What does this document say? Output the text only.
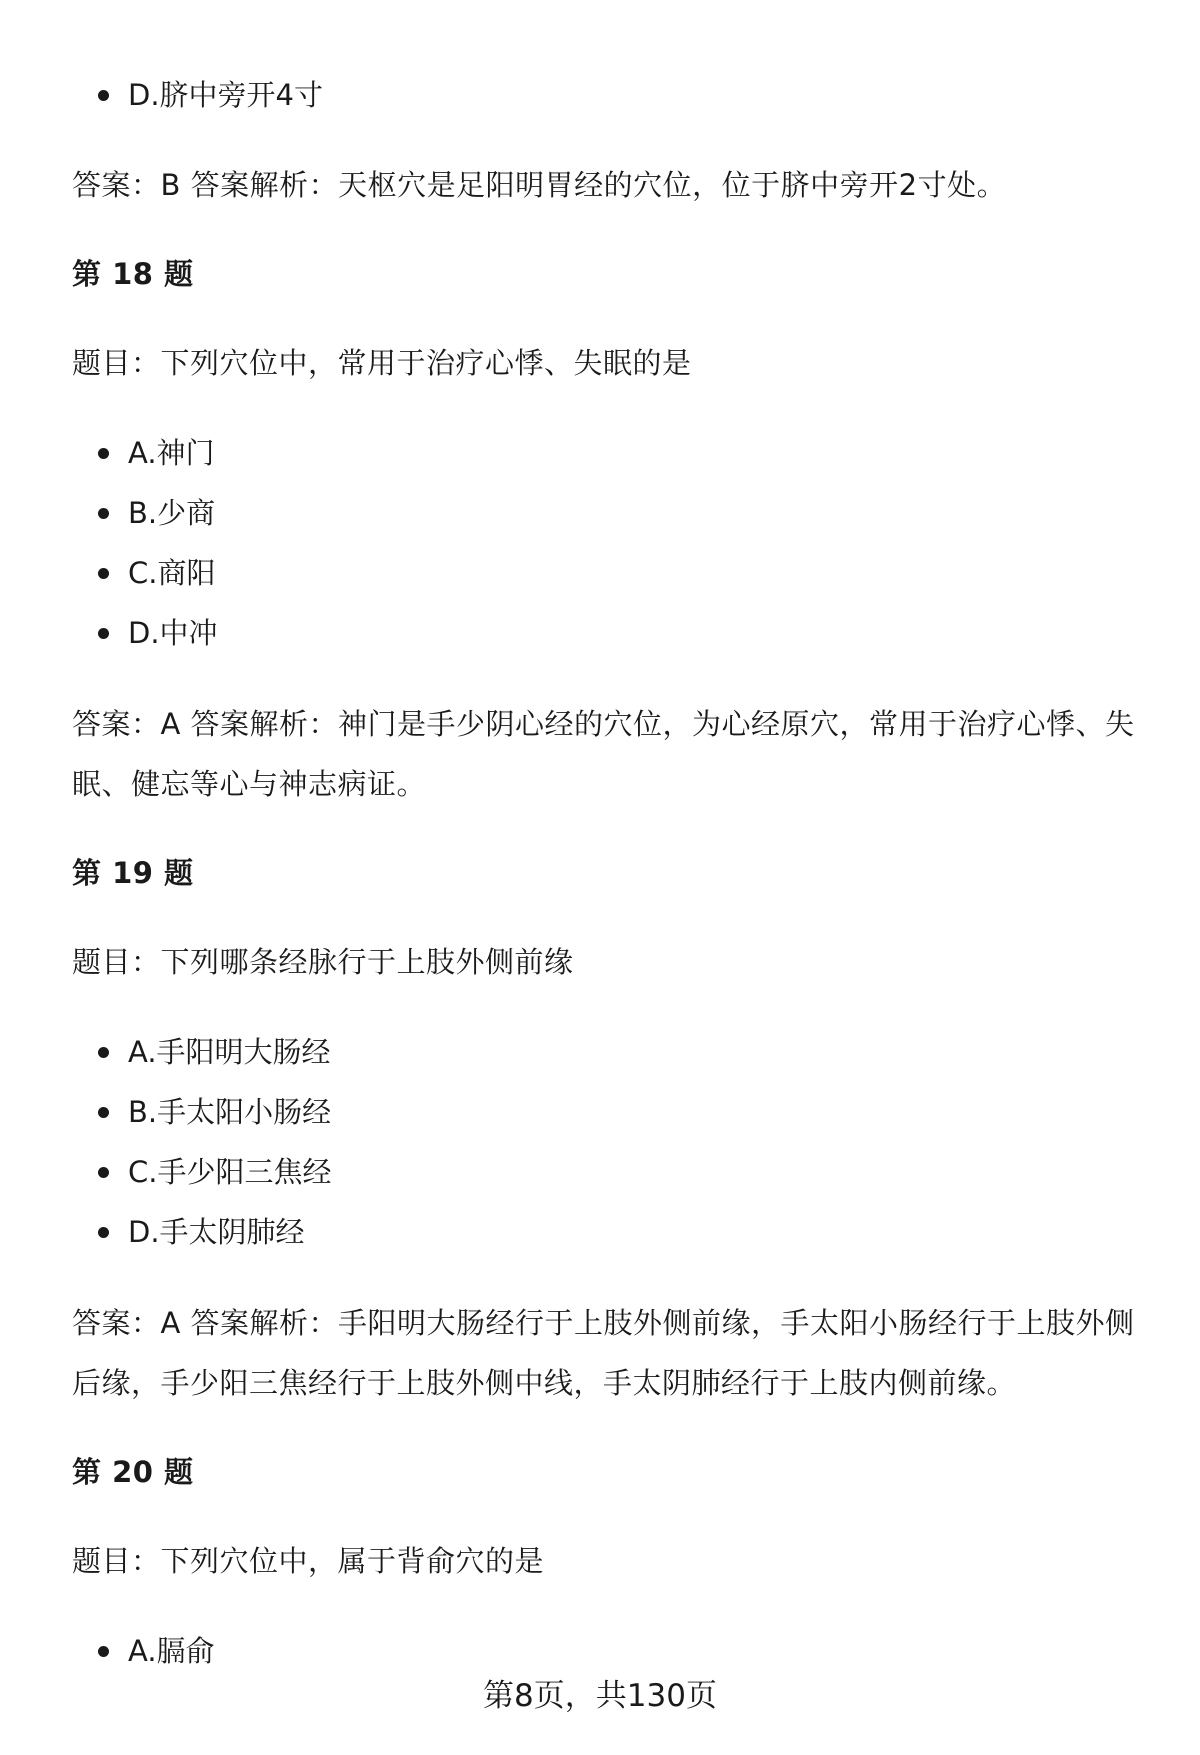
D.脐中旁开4寸
答案：B 答案解析：天枢穴是足阳明胃经的穴位，位于脐中旁开2寸处。
第 18 题
题目：下列穴位中，常用于治疗心悸、失眠的是
A.神门
B.少商
C.商阳
D.中冲
答案：A 答案解析：神门是手少阴心经的穴位，为心经原穴，常用于治疗心悸、失
眠、健忘等心与神志病证。
第 19 题
题目：下列哪条经脉行于上肢外侧前缘
A.手阳明大肠经
B.手太阳小肠经
C.手少阳三焦经
D.手太阴肺经
答案：A 答案解析：手阳明大肠经行于上肢外侧前缘，手太阳小肠经行于上肢外侧
后缘，手少阳三焦经行于上肢外侧中线，手太阴肺经行于上肢内侧前缘。
第 20 题
题目：下列穴位中，属于背俞穴的是
A.膈俞
第8页，共130页
